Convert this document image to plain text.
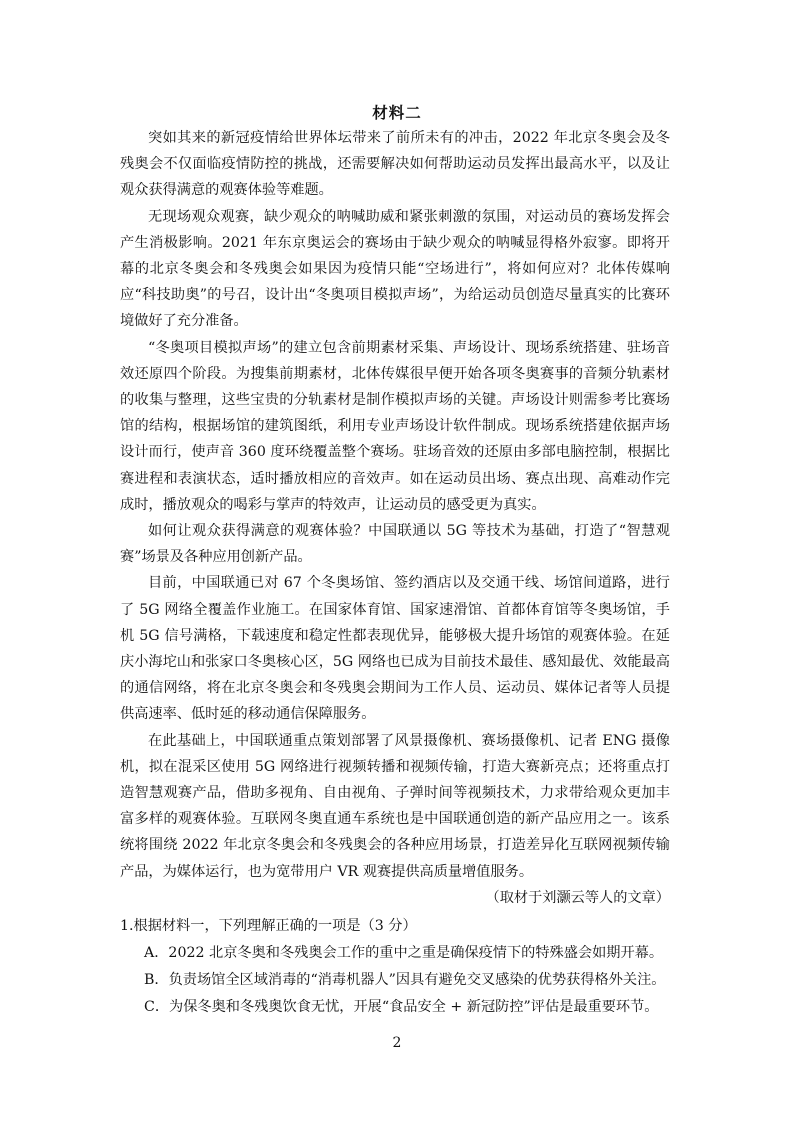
材料二

突如其来的新冠疫情给世界体坛带来了前所未有的冲击，2022 年北京冬奥会及冬残奥会不仅面临疫情防控的挑战，还需要解决如何帮助运动员发挥出最高水平，以及让观众获得满意的观赛体验等难题。

无现场观众观赛，缺少观众的呐喊助威和紧张刺激的氛围，对运动员的赛场发挥会产生消极影响。2021 年东京奥运会的赛场由于缺少观众的呐喊显得格外寂寥。即将开幕的北京冬奥会和冬残奥会如果因为疫情只能“空场进行”，将如何应对？北体传媒响应“科技助奥”的号召，设计出“冬奥项目模拟声场”，为给运动员创造尽量真实的比赛环境做好了充分准备。

“冬奥项目模拟声场”的建立包含前期素材采集、声场设计、现场系统搭建、驻场音效还原四个阶段。为搜集前期素材，北体传媒很早便开始各项冬奥赛事的音频分轨素材的收集与整理，这些宝贵的分轨素材是制作模拟声场的关键。声场设计则需参考比赛场馆的结构，根据场馆的建筑图纸，利用专业声场设计软件制成。现场系统搭建依据声场设计而行，使声音 360 度环绕覆盖整个赛场。驻场音效的还原由多部电脑控制，根据比赛进程和表演状态，适时播放相应的音效声。如在运动员出场、赛点出现、高难动作完成时，播放观众的喝彩与掌声的特效声，让运动员的感受更为真实。

如何让观众获得满意的观赛体验？中国联通以 5G 等技术为基础，打造了“智慧观赛”场景及各种应用创新产品。

目前，中国联通已对 67 个冬奥场馆、签约酒店以及交通干线、场馆间道路，进行了 5G 网络全覆盖作业施工。在国家体育馆、国家速滑馆、首都体育馆等冬奥场馆，手机 5G 信号满格，下载速度和稳定性都表现优异，能够极大提升场馆的观赛体验。在延庆小海坨山和张家口冬奥核心区，5G 网络也已成为目前技术最佳、感知最优、效能最高的通信网络，将在北京冬奥会和冬残奥会期间为工作人员、运动员、媒体记者等人员提供高速率、低时延的移动通信保障服务。

在此基础上，中国联通重点策划部署了风景摄像机、赛场摄像机、记者 ENG 摄像机，拟在混采区使用 5G 网络进行视频转播和视频传输，打造大赛新亮点；还将重点打造智慧观赛产品，借助多视角、自由视角、子弹时间等视频技术，力求带给观众更加丰富多样的观赛体验。互联网冬奥直通车系统也是中国联通创造的新产品应用之一。该系统将围绕 2022 年北京冬奥会和冬残奥会的各种应用场景，打造差异化互联网视频传输产品，为媒体运行，也为宽带用户 VR 观赛提供高质量增值服务。

（取材于刘灏云等人的文章）

1.根据材料一，下列理解正确的一项是（3 分）

A．2022 北京冬奥和冬残奥会工作的重中之重是确保疫情下的特殊盛会如期开幕。

B．负责场馆全区域消毒的“消毒机器人”因具有避免交叉感染的优势获得格外关注。

C．为保冬奥和冬残奥饮食无忧，开展“食品安全 + 新冠防控”评估是最重要环节。

2
